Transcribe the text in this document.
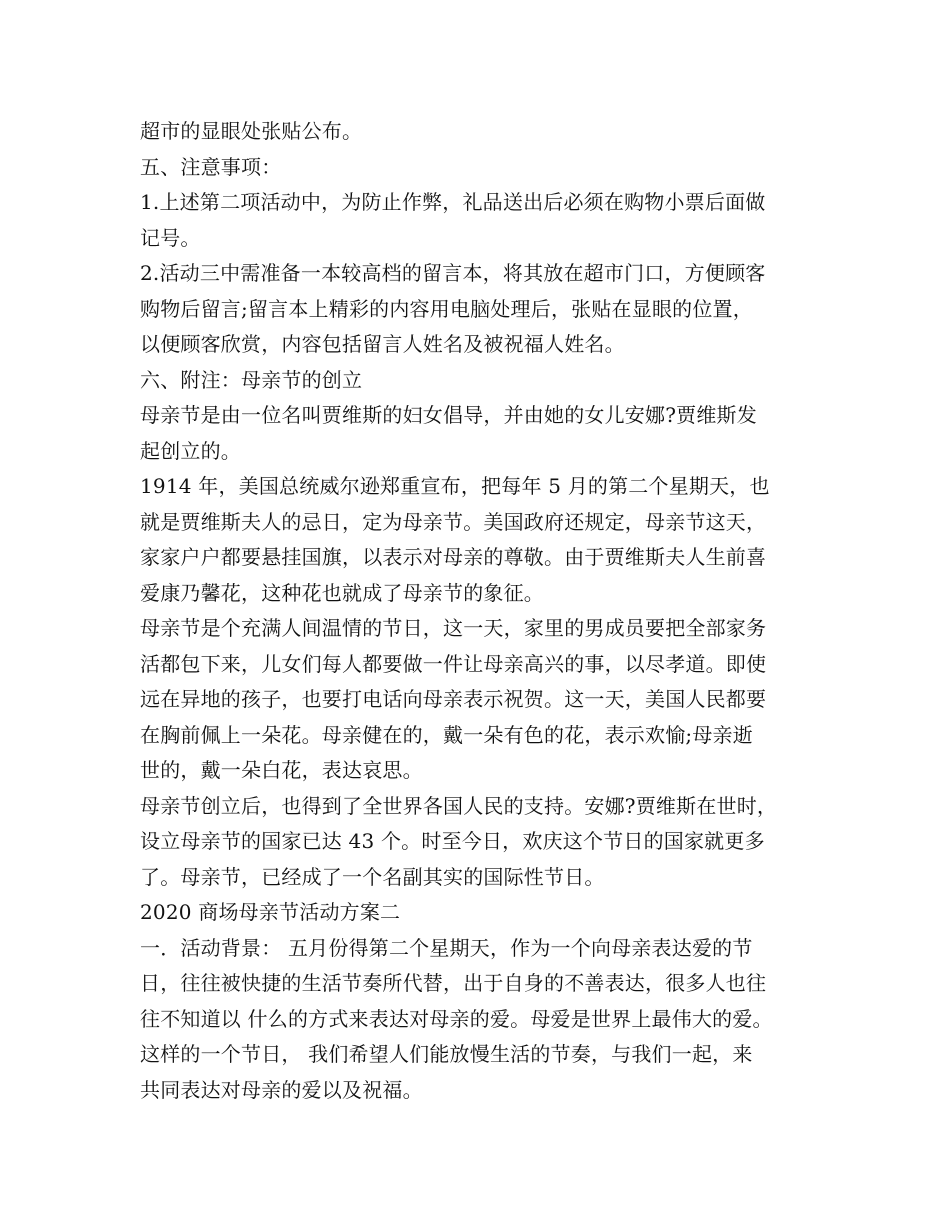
超市的显眼处张贴公布。
五、注意事项：
1.上述第二项活动中，为防止作弊，礼品送出后必须在购物小票后面做
记号。
2.活动三中需准备一本较高档的留言本，将其放在超市门口，方便顾客
购物后留言;留言本上精彩的内容用电脑处理后，张贴在显眼的位置，
以便顾客欣赏，内容包括留言人姓名及被祝福人姓名。
六、附注：母亲节的创立
母亲节是由一位名叫贾维斯的妇女倡导，并由她的女儿安娜?贾维斯发
起创立的。
1914 年，美国总统威尔逊郑重宣布，把每年 5 月的第二个星期天，也
就是贾维斯夫人的忌日，定为母亲节。美国政府还规定，母亲节这天，
家家户户都要悬挂国旗，以表示对母亲的尊敬。由于贾维斯夫人生前喜
爱康乃馨花，这种花也就成了母亲节的象征。
母亲节是个充满人间温情的节日，这一天，家里的男成员要把全部家务
活都包下来，儿女们每人都要做一件让母亲高兴的事，以尽孝道。即使
远在异地的孩子，也要打电话向母亲表示祝贺。这一天，美国人民都要
在胸前佩上一朵花。母亲健在的，戴一朵有色的花，表示欢愉;母亲逝
世的，戴一朵白花，表达哀思。
母亲节创立后，也得到了全世界各国人民的支持。安娜?贾维斯在世时，
设立母亲节的国家已达 43 个。时至今日，欢庆这个节日的国家就更多
了。母亲节，已经成了一个名副其实的国际性节日。
2020 商场母亲节活动方案二
一．活动背景： 五月份得第二个星期天，作为一个向母亲表达爱的节
日，往往被快捷的生活节奏所代替，出于自身的不善表达，很多人也往
往不知道以 什么的方式来表达对母亲的爱。母爱是世界上最伟大的爱。
这样的一个节日， 我们希望人们能放慢生活的节奏，与我们一起，来
共同表达对母亲的爱以及祝福。
